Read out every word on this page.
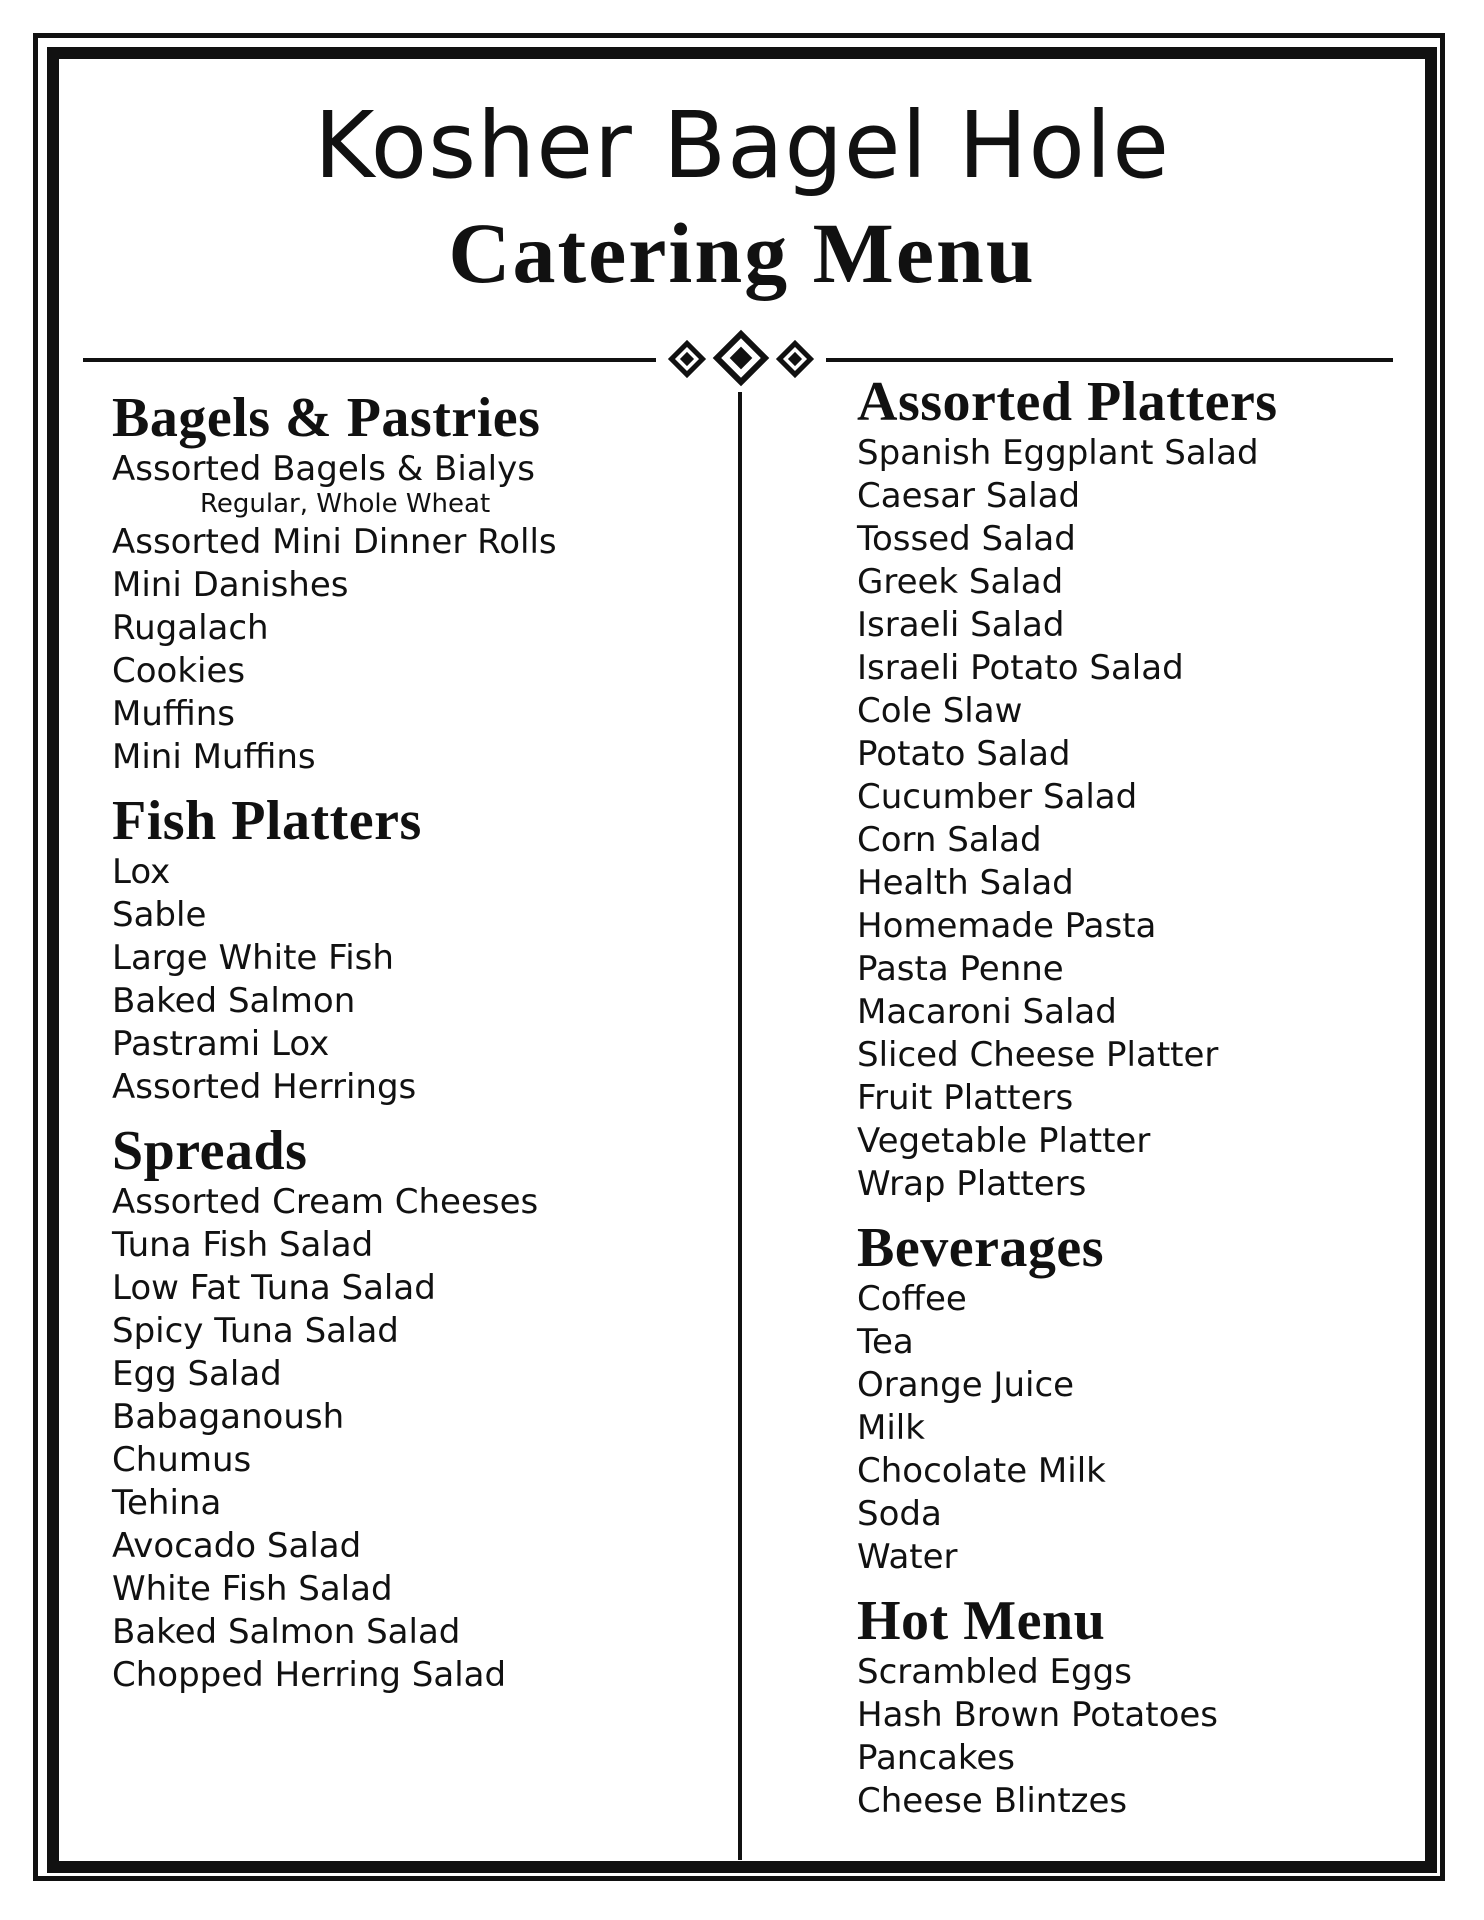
Kosher Bagel Hole
Catering Menu
Bagels & Pastries
Assorted Bagels & Bialys
Regular, Whole Wheat
Assorted Mini Dinner Rolls
Mini Danishes
Rugalach
Cookies
Muffins
Mini Muffins
Fish Platters
Lox
Sable
Large White Fish
Baked Salmon
Pastrami Lox
Assorted Herrings
Spreads
Assorted Cream Cheeses
Tuna Fish Salad
Low Fat Tuna Salad
Spicy Tuna Salad
Egg Salad
Babaganoush
Chumus
Tehina
Avocado Salad
White Fish Salad
Baked Salmon Salad
Chopped Herring Salad
Assorted Platters
Spanish Eggplant Salad
Caesar Salad
Tossed Salad
Greek Salad
Israeli Salad
Israeli Potato Salad
Cole Slaw
Potato Salad
Cucumber Salad
Corn Salad
Health Salad
Homemade Pasta
Pasta Penne
Macaroni Salad
Sliced Cheese Platter
Fruit Platters
Vegetable Platter
Wrap Platters
Beverages
Coffee
Tea
Orange Juice
Milk
Chocolate Milk
Soda
Water
Hot Menu
Scrambled Eggs
Hash Brown Potatoes
Pancakes
Cheese Blintzes
